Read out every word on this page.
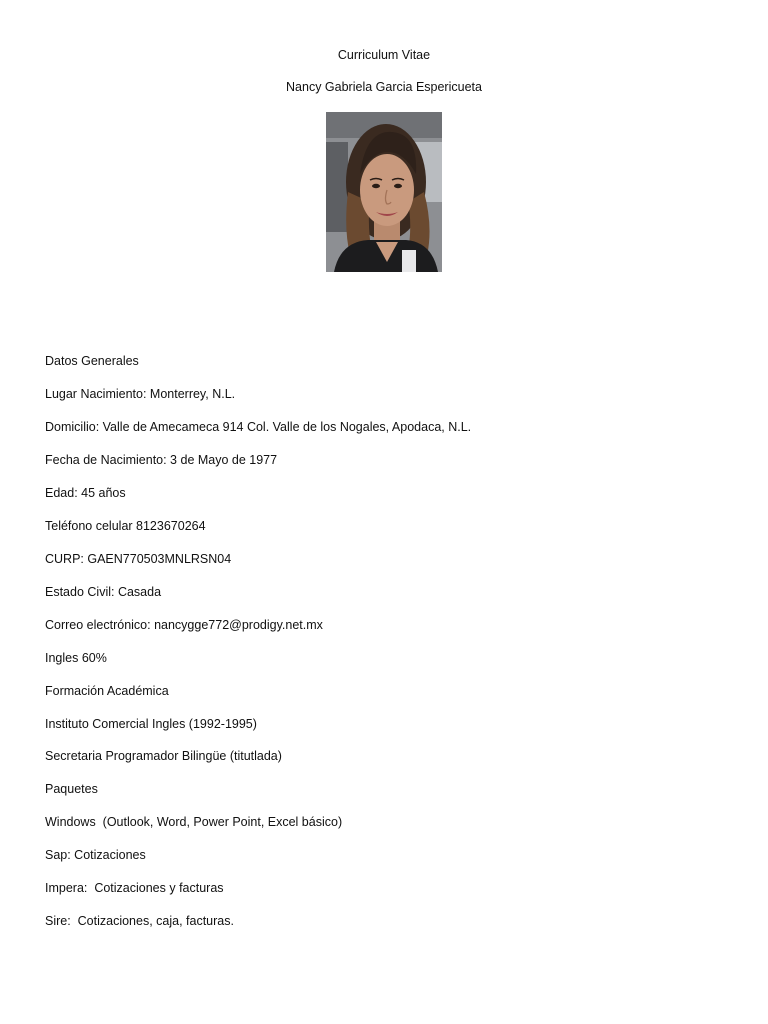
Curriculum Vitae
Nancy Gabriela Garcia Espericueta
Datos Generales
Lugar Nacimiento: Monterrey, N.L.
Domicilio: Valle de Amecameca 914 Col. Valle de los Nogales, Apodaca, N.L.
Fecha de Nacimiento: 3 de Mayo de 1977
Edad: 45 años
Teléfono celular 8123670264
CURP: GAEN770503MNLRSN04
Estado Civil: Casada
Correo electrónico: nancygge772@prodigy.net.mx
Ingles 60%
Formación Académica
Instituto Comercial Ingles (1992-1995)
Secretaria Programador Bilingüe (titutlada)
Paquetes
Windows  (Outlook, Word, Power Point, Excel básico)
Sap: Cotizaciones
Impera:  Cotizaciones y facturas
Sire:  Cotizaciones, caja, facturas.
